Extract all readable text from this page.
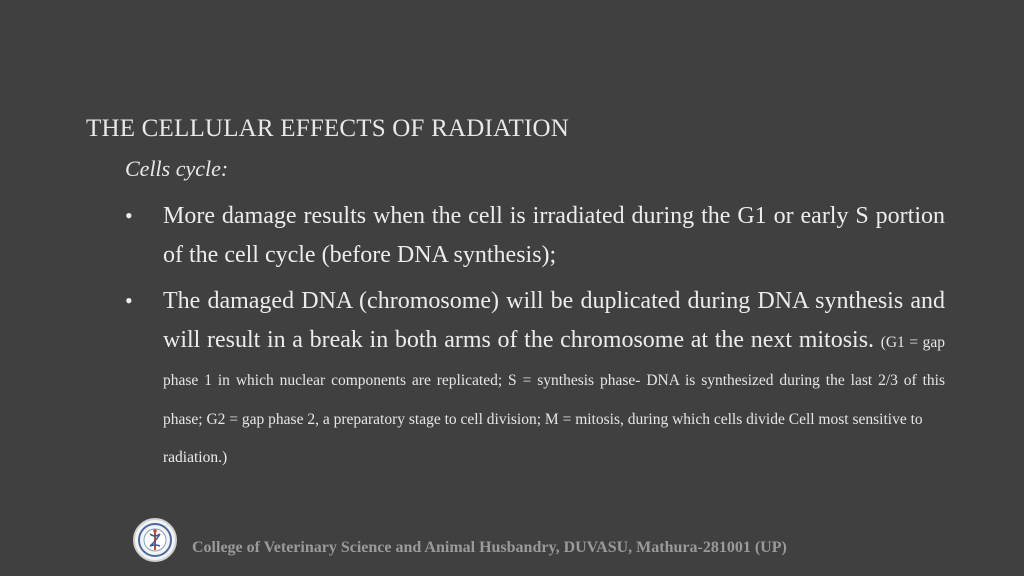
THE CELLULAR EFFECTS OF RADIATION
Cells cycle:
• More damage results when the cell is irradiated during the G1 or early S portion of the cell cycle (before DNA synthesis);
• The damaged DNA (chromosome) will be duplicated during DNA synthesis and will result in a break in both arms of the chromosome at the next mitosis. (G1 = gap phase 1 in which nuclear components are replicated; S = synthesis phase- DNA is synthesized during the last 2/3 of this phase; G2 = gap phase 2, a preparatory stage to cell division; M = mitosis, during which cells divide Cell most sensitive to
radiation.)
College of Veterinary Science and Animal Husbandry, DUVASU, Mathura-281001 (UP)
